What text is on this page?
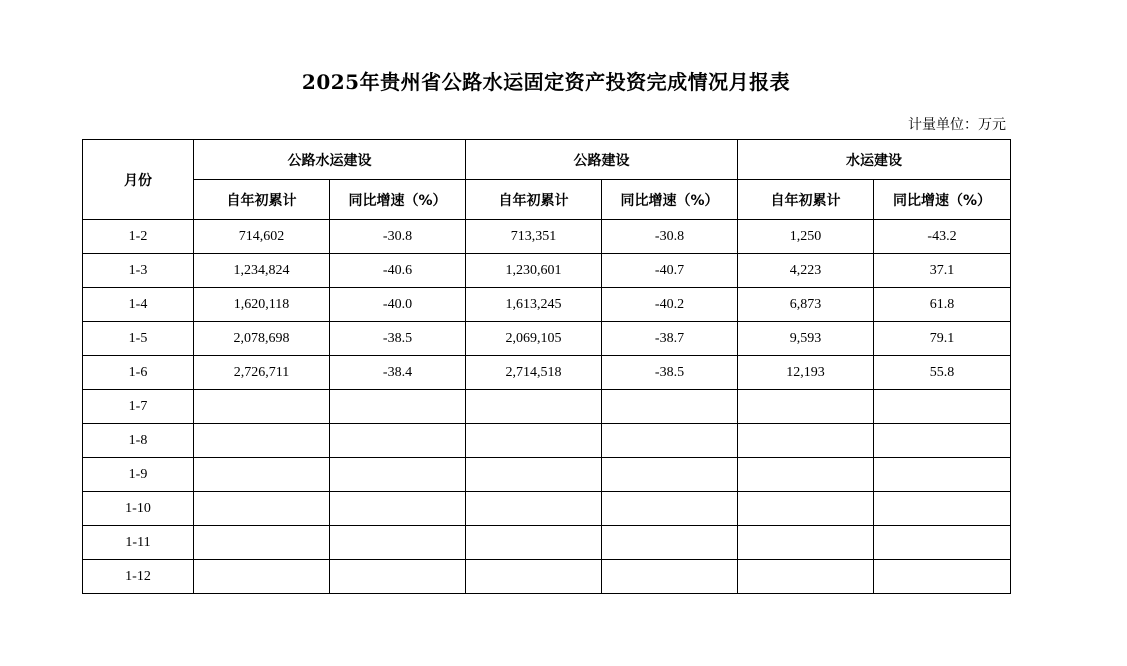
2025年贵州省公路水运固定资产投资完成情况月报表
计量单位：万元
月份	公路水运建设		公路建设		水运建设	
	自年初累计	同比增速（%）	自年初累计	同比增速（%）	自年初累计	同比增速（%）
1-2	714,602	-30.8	713,351	-30.8	1,250	-43.2
1-3	1,234,824	-40.6	1,230,601	-40.7	4,223	37.1
1-4	1,620,118	-40.0	1,613,245	-40.2	6,873	61.8
1-5	2,078,698	-38.5	2,069,105	-38.7	9,593	79.1
1-6	2,726,711	-38.4	2,714,518	-38.5	12,193	55.8
1-7						
1-8						
1-9						
1-10						
1-11						
1-12						
